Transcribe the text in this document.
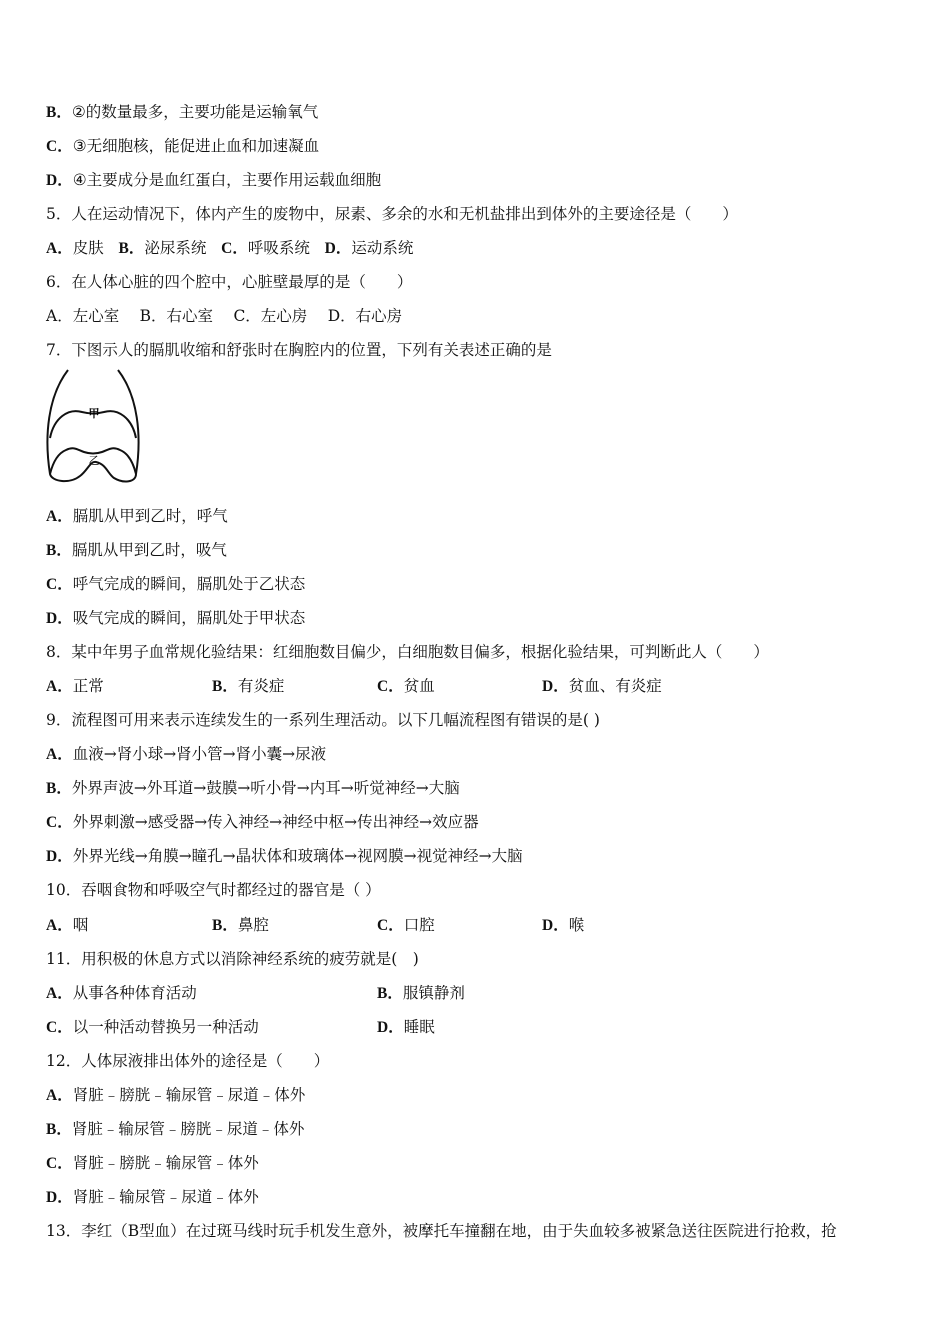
B．②的数量最多，主要功能是运输氧气
C．③无细胞核，能促进止血和加速凝血
D．④主要成分是血红蛋白，主要作用运载血细胞
5．人在运动情况下，体内产生的废物中，尿素、多余的水和无机盐排出到体外的主要途径是（　　）
A．皮肤 B．泌尿系统 C．呼吸系统 D．运动系统
6．在人体心脏的四个腔中，心脏壁最厚的是（　　）
A．左心室　 B．右心室　 C．左心房　 D．右心房
7．下图示人的膈肌收缩和舒张时在胸腔内的位置，下列有关表述正确的是
甲
乙
A．膈肌从甲到乙时，呼气
B．膈肌从甲到乙时，吸气
C．呼气完成的瞬间，膈肌处于乙状态
D．吸气完成的瞬间，膈肌处于甲状态
8．某中年男子血常规化验结果：红细胞数目偏少，白细胞数目偏多，根据化验结果，可判断此人（　　）
A．正常	B．有炎症	C．贫血	D．贫血、有炎症
9．流程图可用来表示连续发生的一系列生理活动。以下几幅流程图有错误的是( )
A．血液→肾小球→肾小管→肾小囊→尿液
B．外界声波→外耳道→鼓膜→听小骨→内耳→听觉神经→大脑
C．外界刺激→感受器→传入神经→神经中枢→传出神经→效应器
D．外界光线→角膜→瞳孔→晶状体和玻璃体→视网膜→视觉神经→大脑
10．吞咽食物和呼吸空气时都经过的器官是（ ）
A．咽	B．鼻腔	C．口腔	D．喉
11．用积极的休息方式以消除神经系统的疲劳就是(　)
A．从事各种体育活动	B．服镇静剂
C．以一种活动替换另一种活动	D．睡眠
12．人体尿液排出体外的途径是（　　）
A．肾脏﹣膀胱﹣输尿管﹣尿道﹣体外
B．肾脏﹣输尿管﹣膀胱﹣尿道﹣体外
C．肾脏﹣膀胱﹣输尿管﹣体外
D．肾脏﹣输尿管﹣尿道﹣体外
13．李红（B型血）在过斑马线时玩手机发生意外，被摩托车撞翻在地，由于失血较多被紧急送往医院进行抢救，抢
